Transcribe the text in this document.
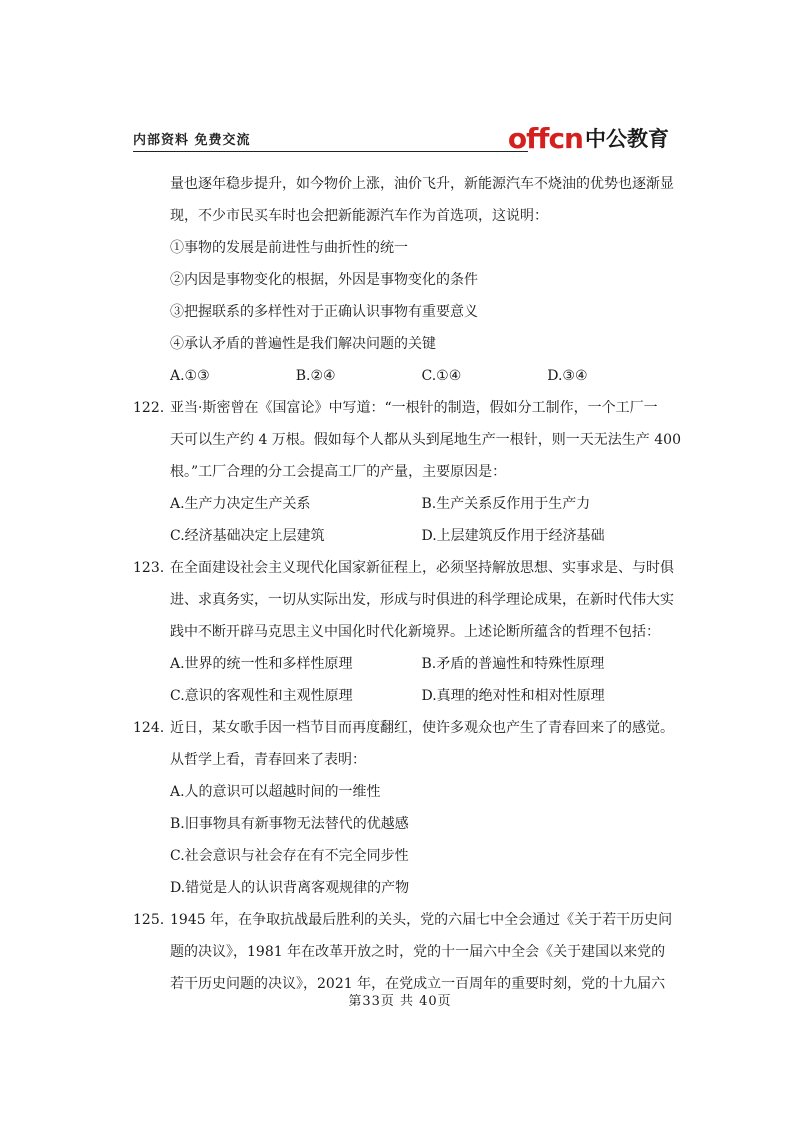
内部资料 免费交流	offcn 中公教育
量也逐年稳步提升，如今物价上涨，油价飞升，新能源汽车不烧油的优势也逐渐显
现，不少市民买车时也会把新能源汽车作为首选项，这说明：
①事物的发展是前进性与曲折性的统一
②内因是事物变化的根据，外因是事物变化的条件
③把握联系的多样性对于正确认识事物有重要意义
④承认矛盾的普遍性是我们解决问题的关键
A.①③	B.②④	C.①④	D.③④
122. 亚当·斯密曾在《国富论》中写道：“一根针的制造，假如分工制作，一个工厂一
天可以生产约 4 万根。假如每个人都从头到尾地生产一根针，则一天无法生产 400
根。”工厂合理的分工会提高工厂的产量，主要原因是：
A.生产力决定生产关系	B.生产关系反作用于生产力
C.经济基础决定上层建筑	D.上层建筑反作用于经济基础
123. 在全面建设社会主义现代化国家新征程上，必须坚持解放思想、实事求是、与时俱
进、求真务实，一切从实际出发，形成与时俱进的科学理论成果，在新时代伟大实
践中不断开辟马克思主义中国化时代化新境界。上述论断所蕴含的哲理不包括：
A.世界的统一性和多样性原理	B.矛盾的普遍性和特殊性原理
C.意识的客观性和主观性原理	D.真理的绝对性和相对性原理
124. 近日，某女歌手因一档节目而再度翻红，使许多观众也产生了青春回来了的感觉。
从哲学上看，青春回来了表明：
A.人的意识可以超越时间的一维性
B.旧事物具有新事物无法替代的优越感
C.社会意识与社会存在有不完全同步性
D.错觉是人的认识背离客观规律的产物
125. 1945 年，在争取抗战最后胜利的关头，党的六届七中全会通过《关于若干历史问
题的决议》，1981 年在改革开放之时，党的十一届六中全会《关于建国以来党的
若干历史问题的决议》，2021 年，在党成立一百周年的重要时刻，党的十九届六
第33页 共 40页
